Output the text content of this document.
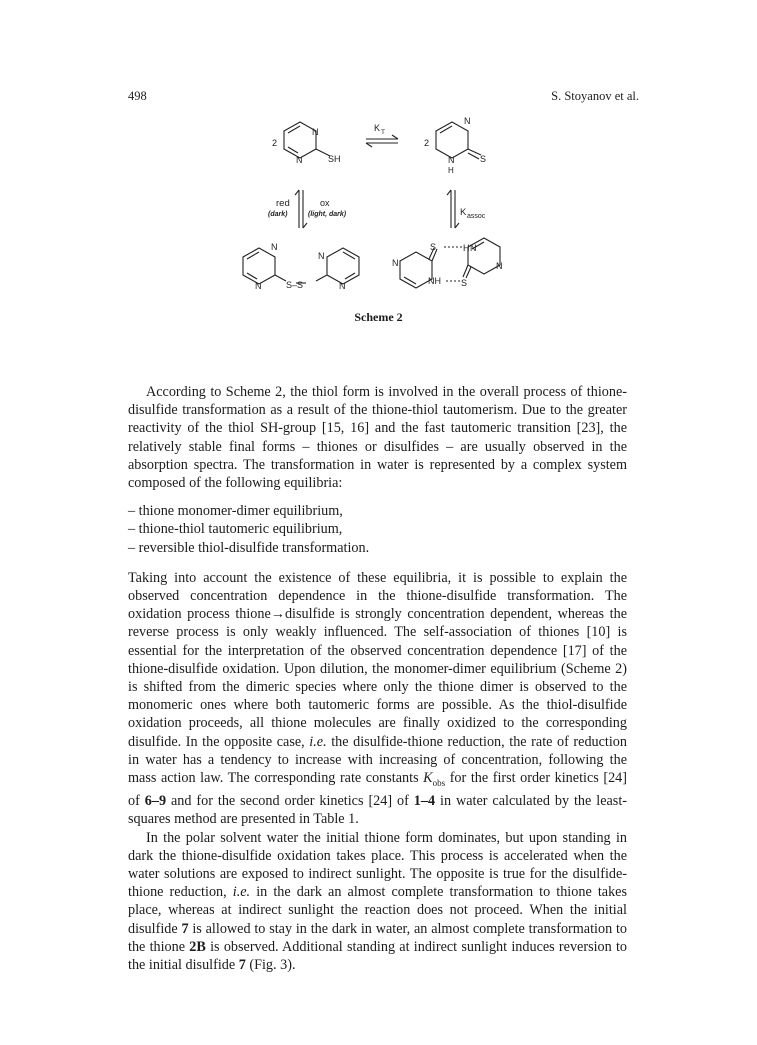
498	S. Stoyanov et al.
N
N	SH
2
K T
N
N
H
S
2
red
(dark)
ox
(light, dark)	K assoc
N
N	S–S
N
N
S	H N
N
N
NH S
Scheme 2

According to Scheme 2, the thiol form is involved in the overall process of thione-disulfide transformation as a result of the thione-thiol tautomerism. Due to the greater reactivity of the thiol SH-group [15, 16] and the fast tautomeric transition [23], the relatively stable final forms – thiones or disulfides – are usually observed in the absorption spectra. The transformation in water is represented by a complex system composed of the following equilibria:

– thione monomer-dimer equilibrium,
– thione-thiol tautomeric equilibrium,
– reversible thiol-disulfide transformation.

Taking into account the existence of these equilibria, it is possible to explain the observed concentration dependence in the thione-disulfide transformation. The oxidation process thione→disulfide is strongly concentration dependent, whereas the reverse process is only weakly influenced. The self-association of thiones [10] is essential for the interpretation of the observed concentration dependence [17] of the thione-disulfide oxidation. Upon dilution, the monomer-dimer equilibrium (Scheme 2) is shifted from the dimeric species where only the thione dimer is observed to the monomeric ones where both tautomeric forms are possible. As the thiol-disulfide oxidation proceeds, all thione molecules are finally oxidized to the corresponding disulfide. In the opposite case, i.e. the disulfide-thione reduction, the rate of reduction in water has a tendency to increase with increasing of concentration, following the mass action law. The corresponding rate constants $K_{obs}$ for the first order kinetics [24] of 6–9 and for the second order kinetics [24] of 1–4 in water calculated by the least-squares method are presented in Table 1.

In the polar solvent water the initial thione form dominates, but upon standing in dark the thione-disulfide oxidation takes place. This process is accelerated when the water solutions are exposed to indirect sunlight. The opposite is true for the disulfide-thione reduction, i.e. in the dark an almost complete transformation to thione takes place, whereas at indirect sunlight the reaction does not proceed. When the initial disulfide 7 is allowed to stay in the dark in water, an almost complete transformation to the thione 2B is observed. Additional standing at indirect sunlight induces reversion to the initial disulfide 7 (Fig. 3).
